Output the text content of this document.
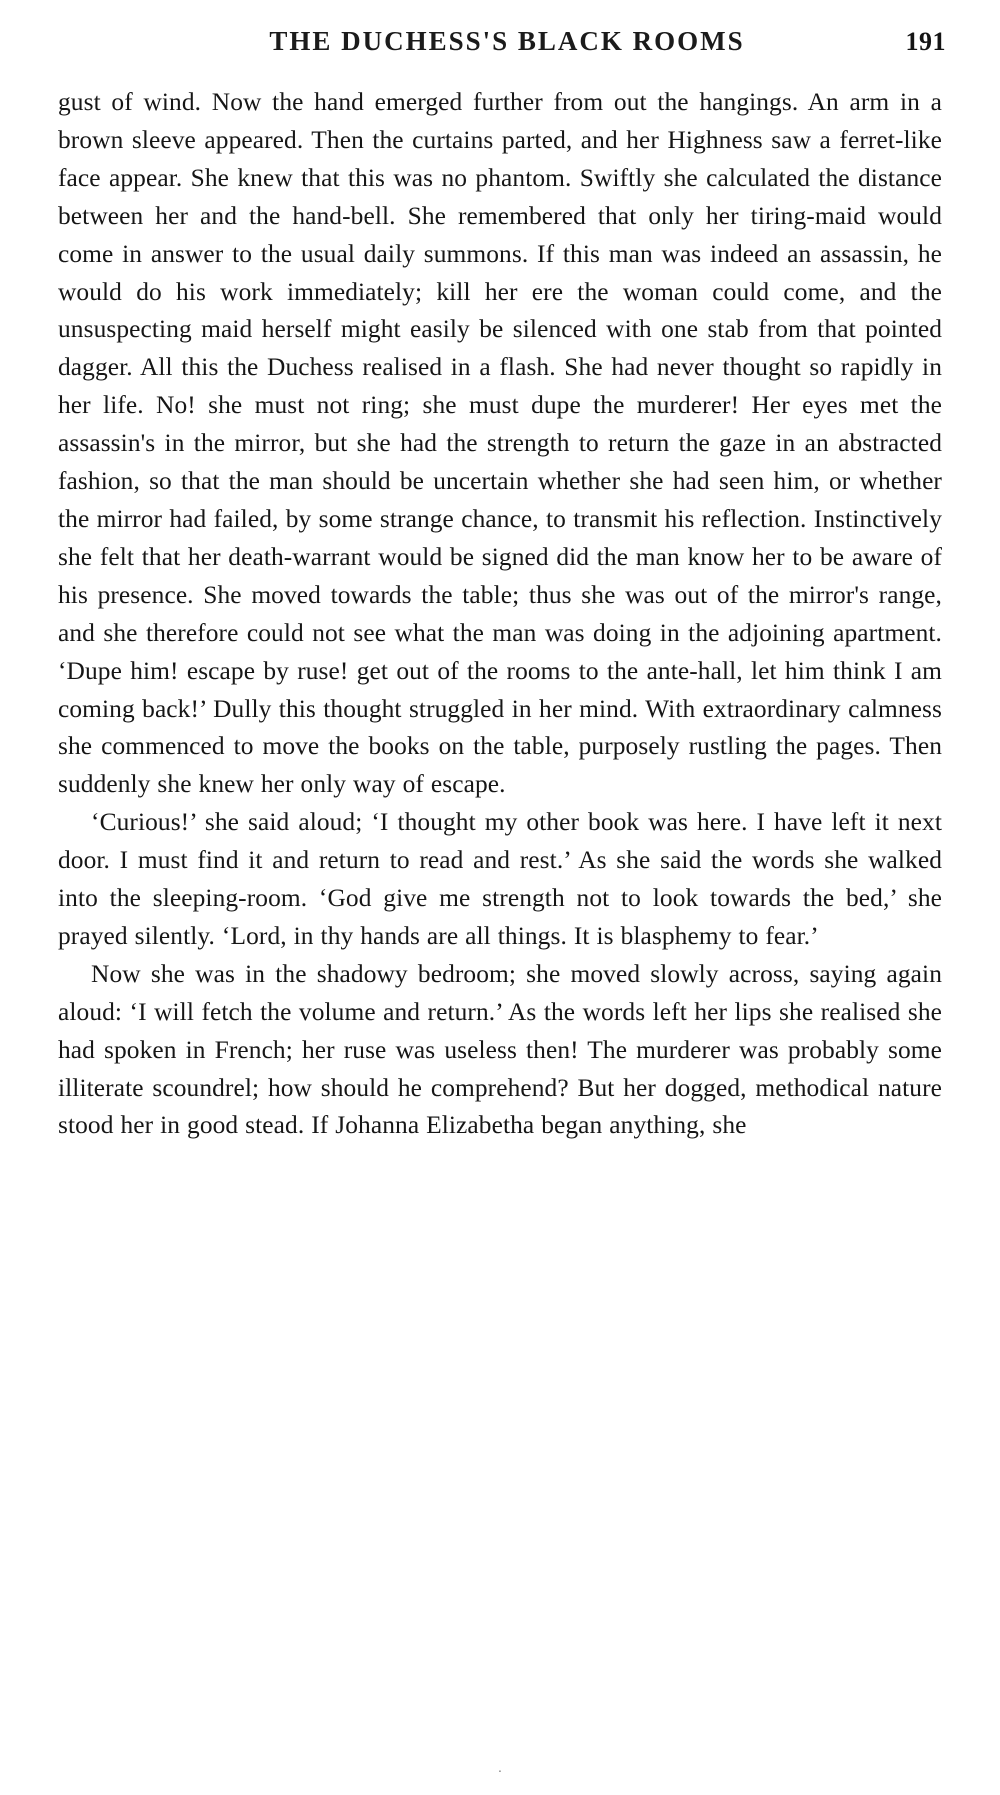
THE DUCHESS'S BLACK ROOMS	191

gust of wind. Now the hand emerged further from out the hangings. An arm in a brown sleeve appeared. Then the curtains parted, and her Highness saw a ferret-like face appear. She knew that this was no phantom. Swiftly she calculated the distance between her and the hand-bell. She remembered that only her tiring-maid would come in answer to the usual daily summons. If this man was indeed an assassin, he would do his work immediately; kill her ere the woman could come, and the unsuspecting maid herself might easily be silenced with one stab from that pointed dagger. All this the Duchess realised in a flash. She had never thought so rapidly in her life. No! she must not ring; she must dupe the murderer! Her eyes met the assassin's in the mirror, but she had the strength to return the gaze in an abstracted fashion, so that the man should be uncertain whether she had seen him, or whether the mirror had failed, by some strange chance, to transmit his reflection. Instinctively she felt that her death-warrant would be signed did the man know her to be aware of his presence. She moved towards the table; thus she was out of the mirror's range, and she therefore could not see what the man was doing in the adjoining apartment. ‘Dupe him! escape by ruse! get out of the rooms to the ante-hall, let him think I am coming back!’ Dully this thought struggled in her mind. With extraordinary calmness she commenced to move the books on the table, purposely rustling the pages. Then suddenly she knew her only way of escape.

‘Curious!’ she said aloud; ‘I thought my other book was here. I have left it next door. I must find it and return to read and rest.’ As she said the words she walked into the sleeping-room. ‘God give me strength not to look towards the bed,’ she prayed silently. ‘Lord, in thy hands are all things. It is blasphemy to fear.’

Now she was in the shadowy bedroom; she moved slowly across, saying again aloud: ‘I will fetch the volume and return.’ As the words left her lips she realised she had spoken in French; her ruse was useless then! The murderer was probably some illiterate scoundrel; how should he comprehend? But her dogged, methodical nature stood her in good stead. If Johanna Elizabetha began anything, she

·
